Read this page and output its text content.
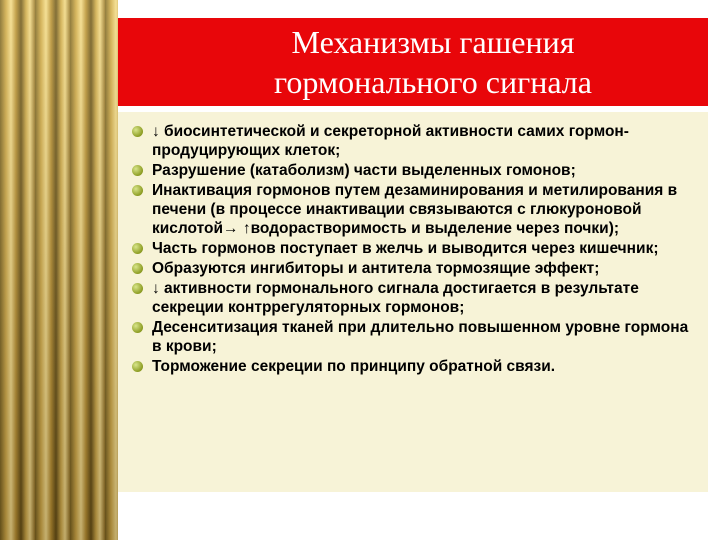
Механизмы гашения
гормонального сигнала
↓ биосинтетической и секреторной активности самих гормон-продуцирующих клеток;
Разрушение (катаболизм) части выделенных гомонов;
Инактивация гормонов путем дезаминирования и метилирования в печени (в процессе инактивации связываются с глюкуроновой кислотой→ ↑водорастворимость и выделение через почки);
Часть гормонов поступает в желчь и выводится через кишечник;
Образуются ингибиторы и антитела тормозящие эффект;
↓ активности гормонального сигнала достигается в результате секреции контррегуляторных гормонов;
Десенситизация тканей при длительно повышенном уровне гормона в крови;
Торможение секреции по принципу обратной связи.
